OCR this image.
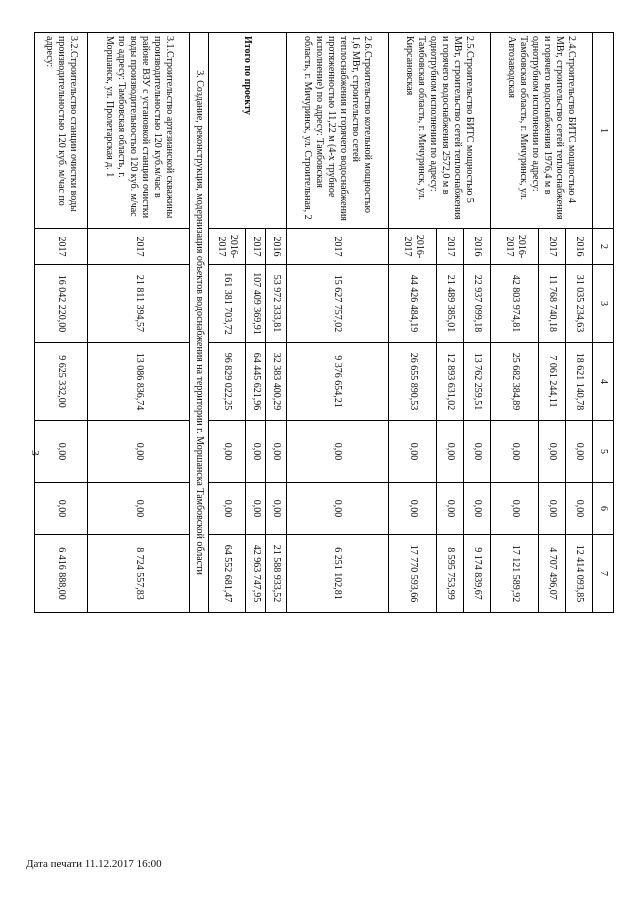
3
1	2	3	4	5	6	7
2.4.Строительство БИТС мощностью 4 МВт, строительство сетей теплоснабжения и горячего водоснабжения 1976,4 м в однотрубном исполнении по адресу: Тамбовская область, г. Мичуринск, ул. Автозаводская	2016	31 035 234,63	18 621 140,78	0,00	0,00	12 414 093,85
	2017	11 768 740,18	7 061 244,11	0,00	0,00	4 707 496,07
	2016-2017	42 803 974,81	25 682 384,89	0,00	0,00	17 121 589,92
2.5.Строительство БИТС мощностью 5 МВт, строительство сетей теплоснабжения и горячего водоснабжения 2572,0 м в однотрубном исполнении по адресу: Тамбовская область, г. Мичуринск, ул. Кирсановская	2016	22 937 099,18	13 762 259,51	0,00	0,00	9 174 839,67
	2017	21 489 385,01	12 893 631,02	0,00	0,00	8 595 753,99
	2016-2017	44 426 484,19	26 655 890,53	0,00	0,00	17 770 593,66
2.6.Строительство котельной мощностью 1,6 МВт, строительство сетей теплоснабжения и горячего водоснабжения протяженностью 11,22 м (4-х трубное исполнение) по адресу: Тамбовская область, г. Мичуринск, ул. Строительная, 2	2017	15 627 757,02	9 376 654,21	0,00	0,00	6 251 102,81
Итого по проекту	2016	53 972 333,81	32 383 400,29	0,00	0,00	21 588 933,52
	2017	107 409 369,91	64 445 621,96	0,00	0,00	42 963 747,95
	2016-2017	161 381 703,72	96 829 022,25	0,00	0,00	64 552 681,47
3. Создание, реконструкция, модернизация объектов водоснабжения на территории г. Моршанска Тамбовской области						
3.1.Строительство артезианской скважины производительностью 120 куб.м/час в районе ВЗУ с установкой станции очистки воды производительностью 120 куб. м/час по адресу: Тамбовская область, г. Моршанск, ул. Пролетарская д. 1	2017	21 811 394,57	13 086 836,74	0,00	0,00	8 724 557,83
3.2.Строительство станции очистки воды производительностью 120 куб. м/час по адресу:	2017	16 042 220,00	9 625 332,00	0,00	0,00	6 416 888,00
Дата печати 11.12.2017 16:00
